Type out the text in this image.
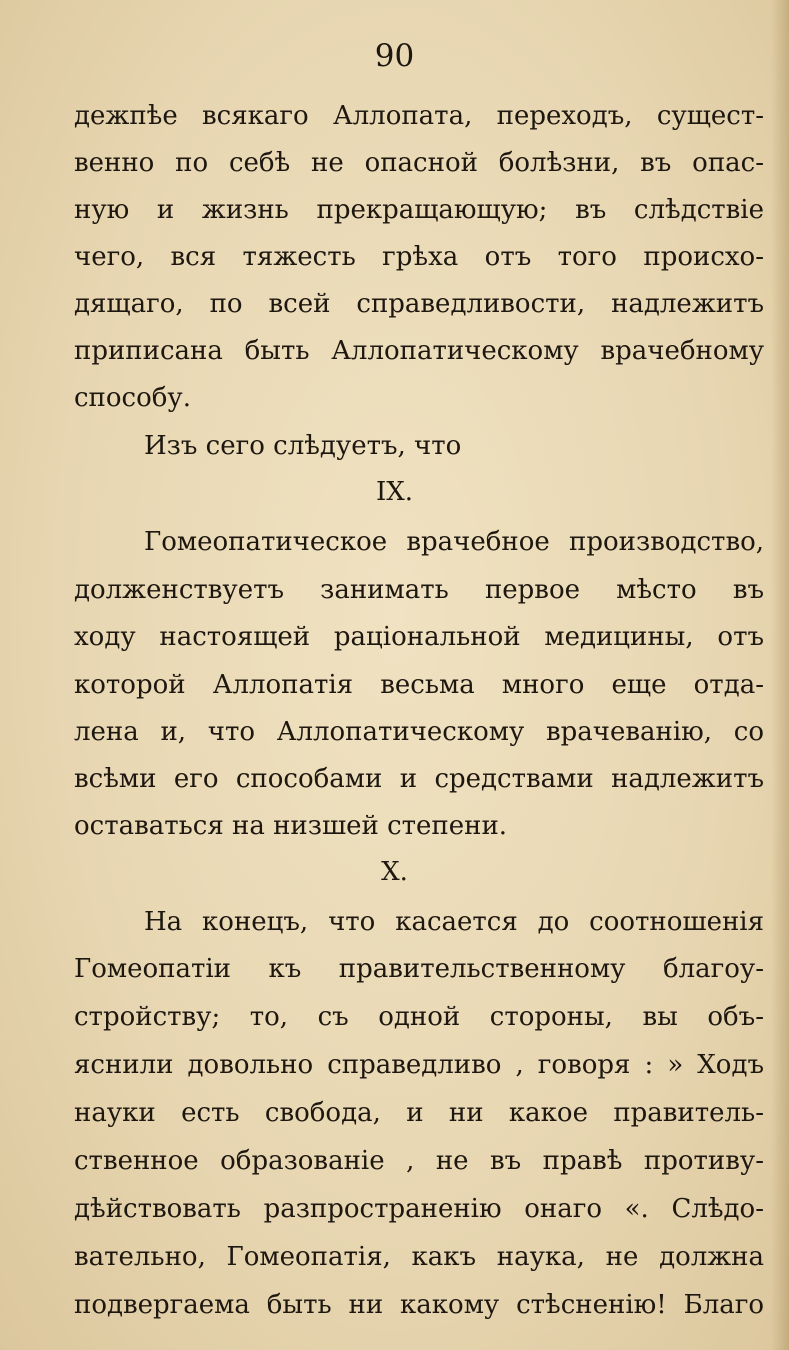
90
дежпѣе всякаго Аллопата, переходъ, сущест-
венно по себѣ не опасной болѣзни, въ опас-
ную и жизнь прекращающую; въ слѣдствіе
чего, вся тяжесть грѣха отъ того происхо-
дящаго, по всей справедливости, надлежитъ
приписана быть Аллопатическому врачебному
способу.
Изъ сего слѣдуетъ, что
IX.
Гомеопатическое врачебное производство,
долженствуетъ занимать первое мѣсто въ
ходу настоящей раціональной медицины, отъ
которой Аллопатія весьма много еще отда-
лена и, что Аллопатическому врачеванію, со
всѣми его способами и средствами надлежитъ
оставаться на низшей степени.
X.
На конецъ, что касается до соотношенія
Гомеопатіи къ правительственному благоу-
стройству; то, съ одной стороны, вы объ-
яснили довольно справедливо , говоря : » Ходъ
науки есть свобода, и ни какое правитель-
ственное образованіе , не въ правѣ противу-
дѣйствовать разпространенію онаго «. Слѣдо-
вательно, Гомеопатія, какъ наука, не должна
подвергаема быть ни какому стѣсненію! Благо
